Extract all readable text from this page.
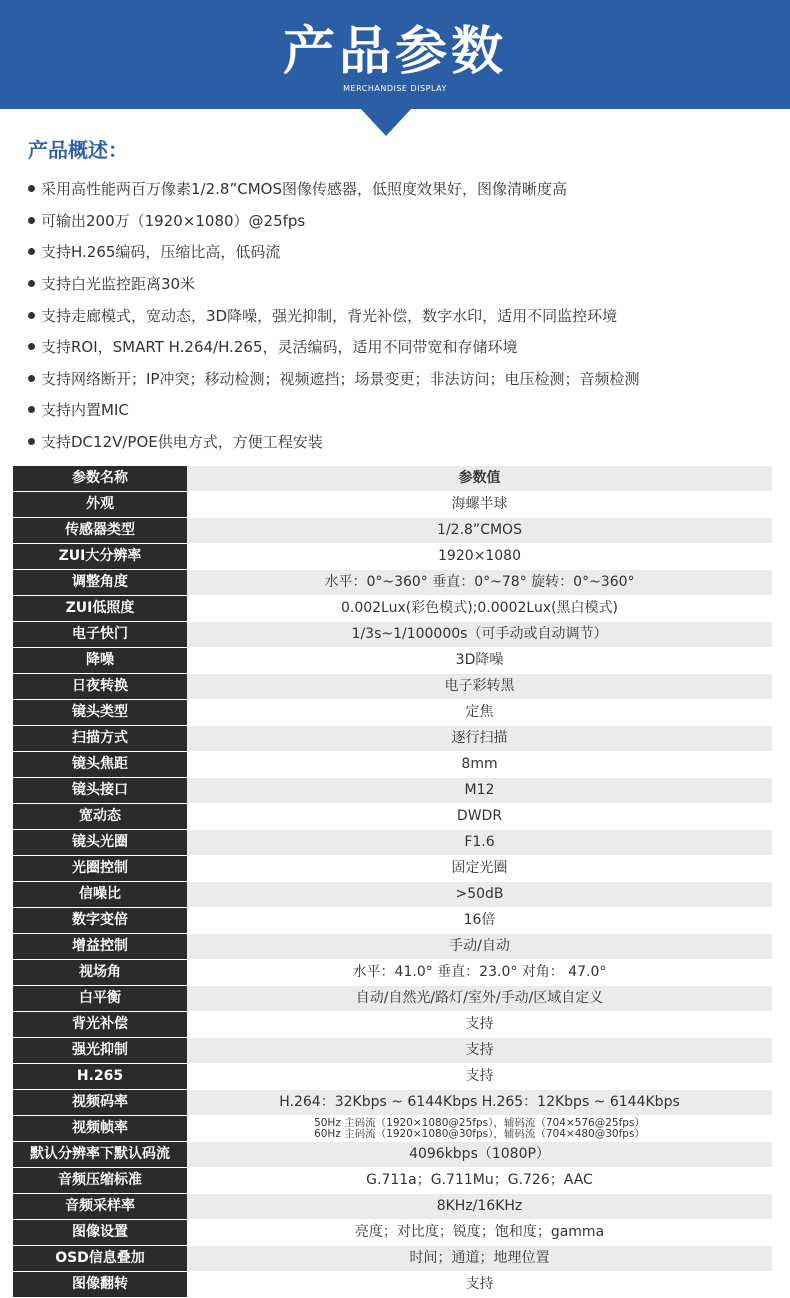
产品参数
MERCHANDISE DISPLAY
产品概述：
采用高性能两百万像素1/2.8”CMOS图像传感器，低照度效果好，图像清晰度高
可输出200万（1920×1080）@25fps
支持H.265编码，压缩比高，低码流
支持白光监控距离30米
支持走廊模式，宽动态，3D降噪，强光抑制，背光补偿，数字水印，适用不同监控环境
支持ROI，SMART H.264/H.265，灵活编码，适用不同带宽和存储环境
支持网络断开；IP冲突；移动检测；视频遮挡；场景变更；非法访问；电压检测；音频检测
支持内置MIC
支持DC12V/POE供电方式，方便工程安装
参数名称	参数值
外观	海螺半球
传感器类型	1/2.8”CMOS
ZUI大分辨率	1920×1080
调整角度	水平：0°~360° 垂直：0°~78° 旋转：0°~360°
ZUI低照度	0.002Lux(彩色模式);0.0002Lux(黑白模式)
电子快门	1/3s~1/100000s（可手动或自动调节）
降噪	3D降噪
日夜转换	电子彩转黑
镜头类型	定焦
扫描方式	逐行扫描
镜头焦距	8mm
镜头接口	M12
宽动态	DWDR
镜头光圈	F1.6
光圈控制	固定光圈
信噪比	>50dB
数字变倍	16倍
增益控制	手动/自动
视场角	水平：41.0° 垂直：23.0° 对角： 47.0°
白平衡	自动/自然光/路灯/室外/手动/区域自定义
背光补偿	支持
强光抑制	支持
H.265	支持
视频码率	H.264：32Kbps ~ 6144Kbps H.265：12Kbps ~ 6144Kbps
视频帧率	50Hz 主码流（1920×1080@25fps），辅码流（704×576@25fps）
60Hz 主码流（1920×1080@30fps），辅码流（704×480@30fps）

默认分辨率下默认码流	4096kbps（1080P）
音频压缩标准	G.711a；G.711Mu；G.726；AAC
音频采样率	8KHz/16KHz
图像设置	亮度；对比度；锐度；饱和度；gamma
OSD信息叠加	时间；通道；地理位置
图像翻转	支持
